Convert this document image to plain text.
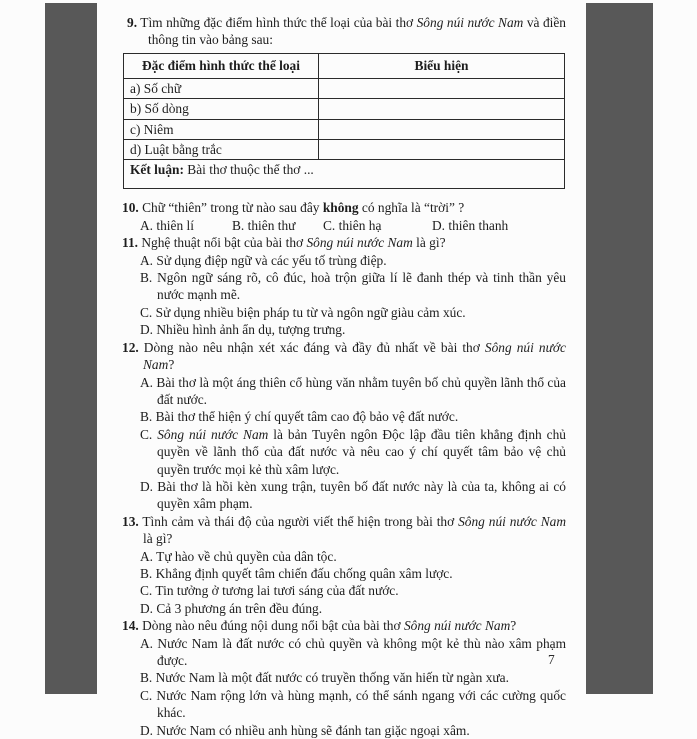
9. Tìm những đặc điểm hình thức thể loại của bài thơ Sông núi nước Nam và điền thông tin vào bảng sau:

Đặc điểm hình thức thể loại	Biểu hiện
a) Số chữ	
b) Số dòng	
c) Niêm	
d) Luật bằng trắc	
Kết luận: Bài thơ thuộc thể thơ ...	

10. Chữ “thiên” trong từ nào sau đây không có nghĩa là “trời” ?

A. thiên lí	B. thiên thư	C. thiên hạ	D. thiên thanh

11. Nghệ thuật nổi bật của bài thơ Sông núi nước Nam là gì?

A. Sử dụng điệp ngữ và các yếu tố trùng điệp.
B. Ngôn ngữ sáng rõ, cô đúc, hoà trộn giữa lí lẽ đanh thép và tinh thần yêu nước mạnh mẽ.
C. Sử dụng nhiều biện pháp tu từ và ngôn ngữ giàu cảm xúc.
D. Nhiều hình ảnh ẩn dụ, tượng trưng.

12. Dòng nào nêu nhận xét xác đáng và đầy đủ nhất về bài thơ Sông núi nước Nam?

A. Bài thơ là một áng thiên cổ hùng văn nhằm tuyên bố chủ quyền lãnh thổ của đất nước.
B. Bài thơ thể hiện ý chí quyết tâm cao độ bảo vệ đất nước.
C. Sông núi nước Nam là bản Tuyên ngôn Độc lập đầu tiên khẳng định chủ quyền về lãnh thổ của đất nước và nêu cao ý chí quyết tâm bảo vệ chủ quyền trước mọi kẻ thù xâm lược.
D. Bài thơ là hồi kèn xung trận, tuyên bố đất nước này là của ta, không ai có quyền xâm phạm.

13. Tình cảm và thái độ của người viết thể hiện trong bài thơ Sông núi nước Nam là gì?

A. Tự hào về chủ quyền của dân tộc.
B. Khẳng định quyết tâm chiến đấu chống quân xâm lược.
C. Tin tưởng ở tương lai tươi sáng của đất nước.
D. Cả 3 phương án trên đều đúng.

14. Dòng nào nêu đúng nội dung nổi bật của bài thơ Sông núi nước Nam?

A. Nước Nam là đất nước có chủ quyền và không một kẻ thù nào xâm phạm được.
B. Nước Nam là một đất nước có truyền thống văn hiến từ ngàn xưa.
C. Nước Nam rộng lớn và hùng mạnh, có thể sánh ngang với các cường quốc khác.
D. Nước Nam có nhiều anh hùng sẽ đánh tan giặc ngoại xâm.
7
